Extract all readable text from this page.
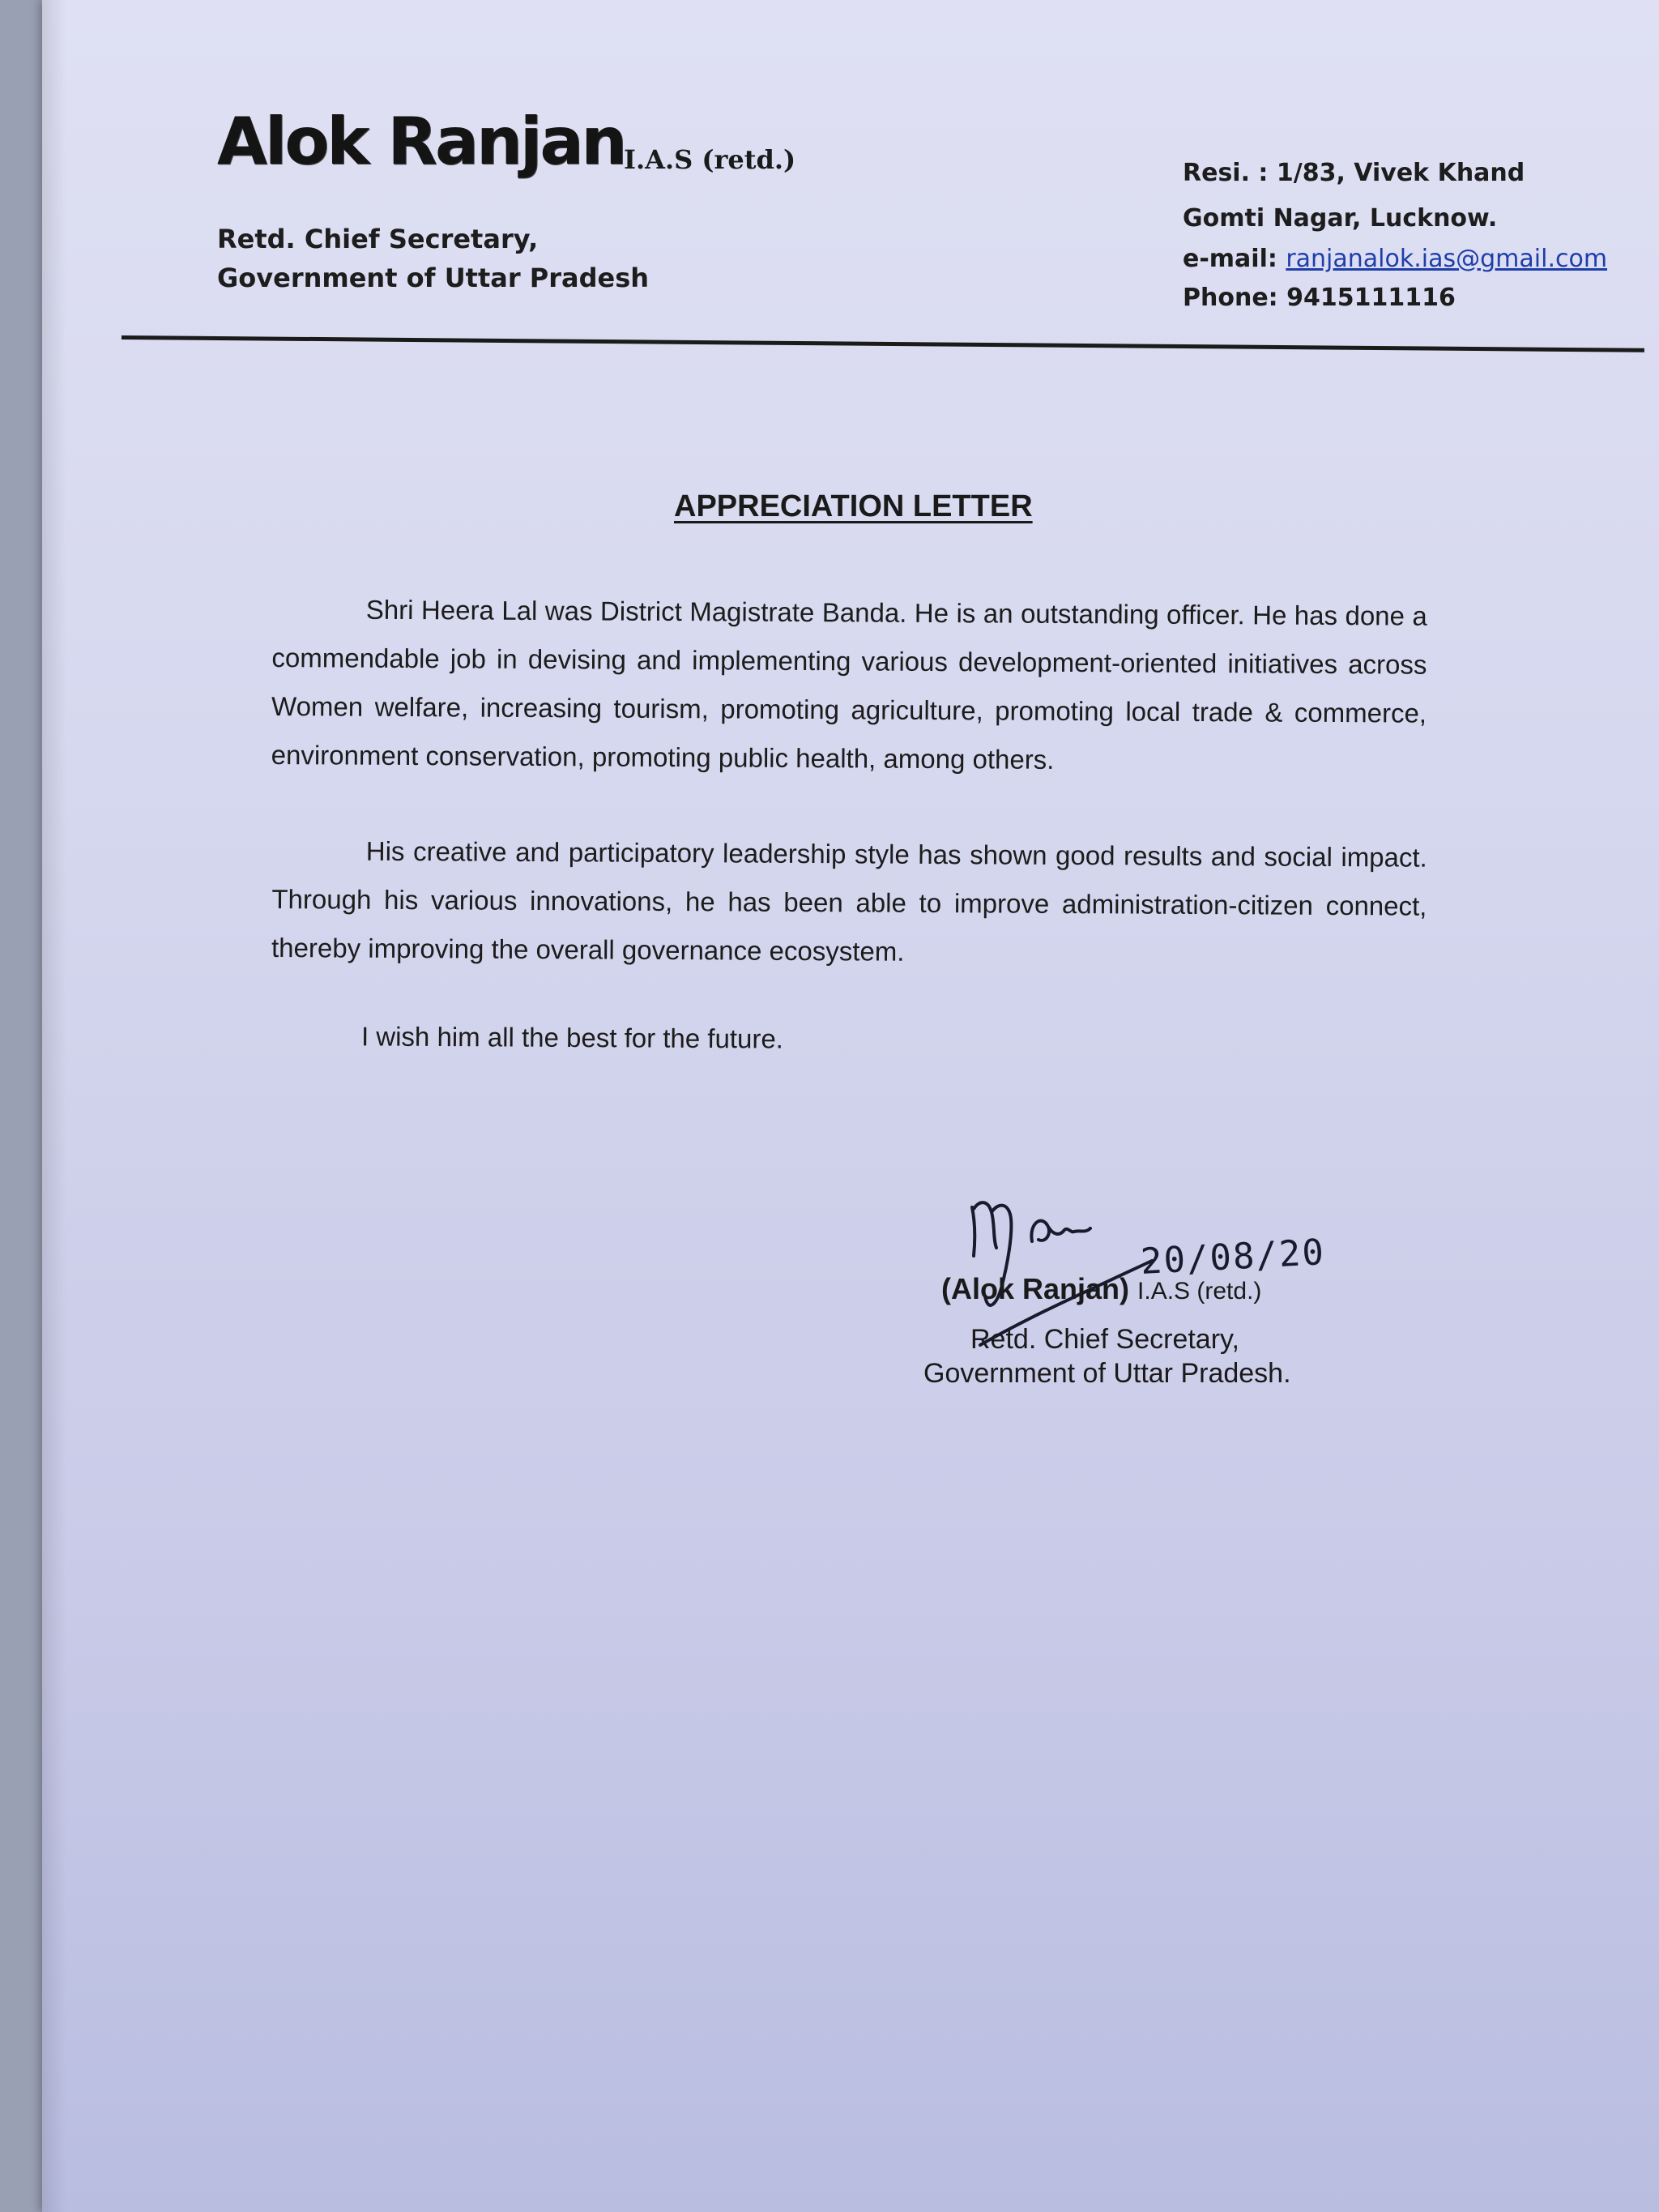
Alok Ranjan
I.A.S (retd.)
Retd. Chief Secretary,
Government of Uttar Pradesh
Resi. : 1/83, Vivek Khand
Gomti Nagar, Lucknow.
e-mail: ranjanalok.ias@gmail.com
Phone: 9415111116
APPRECIATION LETTER

Shri Heera Lal was District Magistrate Banda. He is an outstanding officer. He has done a commendable job in devising and implementing various development-oriented initiatives across Women welfare, increasing tourism, promoting agriculture, promoting local trade & commerce, environment conservation, promoting public health, among others.

His creative and participatory leadership style has shown good results and social impact. Through his various innovations, he has been able to improve administration-citizen connect, thereby improving the overall governance ecosystem.

I wish him all the best for the future.
20/08/20
(Alok Ranjan) I.A.S (retd.)
Retd. Chief Secretary,
Government of Uttar Pradesh.
